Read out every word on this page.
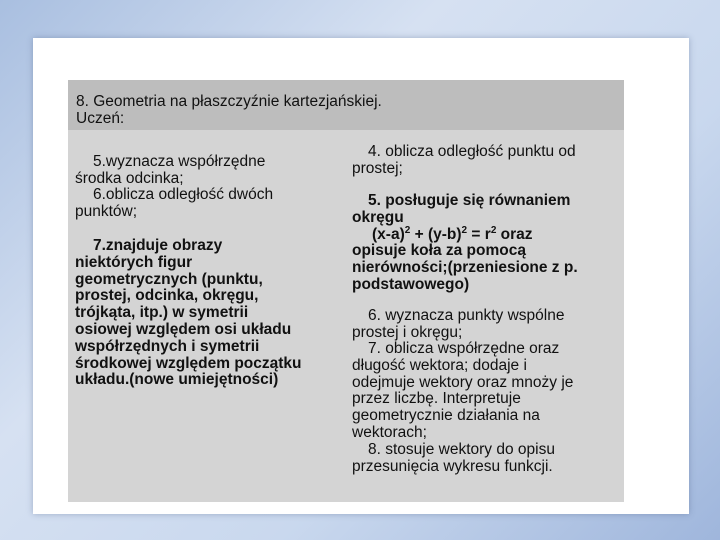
8. Geometria na płaszczyźnie kartezjańskiej.
Uczeń:
5.wyznacza współrzędne
środka odcinka;
6.oblicza odległość dwóch
punktów;
7.znajduje obrazy
niektórych figur
geometrycznych (punktu,
prostej, odcinka, okręgu,
trójkąta, itp.) w symetrii
osiowej względem osi układu
współrzędnych i symetrii
środkowej względem początku
układu.(nowe umiejętności)
4. oblicza odległość punktu od
prostej;
5. posługuje się równaniem
okręgu
$(x-a)^2 + (y-b)^2 = r^2$ oraz
opisuje koła za pomocą
nierówności;(przeniesione z p.
podstawowego)
6. wyznacza punkty wspólne
prostej i okręgu;
7. oblicza współrzędne oraz
długość wektora; dodaje i
odejmuje wektory oraz mnoży je
przez liczbę. Interpretuje
geometrycznie działania na
wektorach;
8. stosuje wektory do opisu
przesunięcia wykresu funkcji.
